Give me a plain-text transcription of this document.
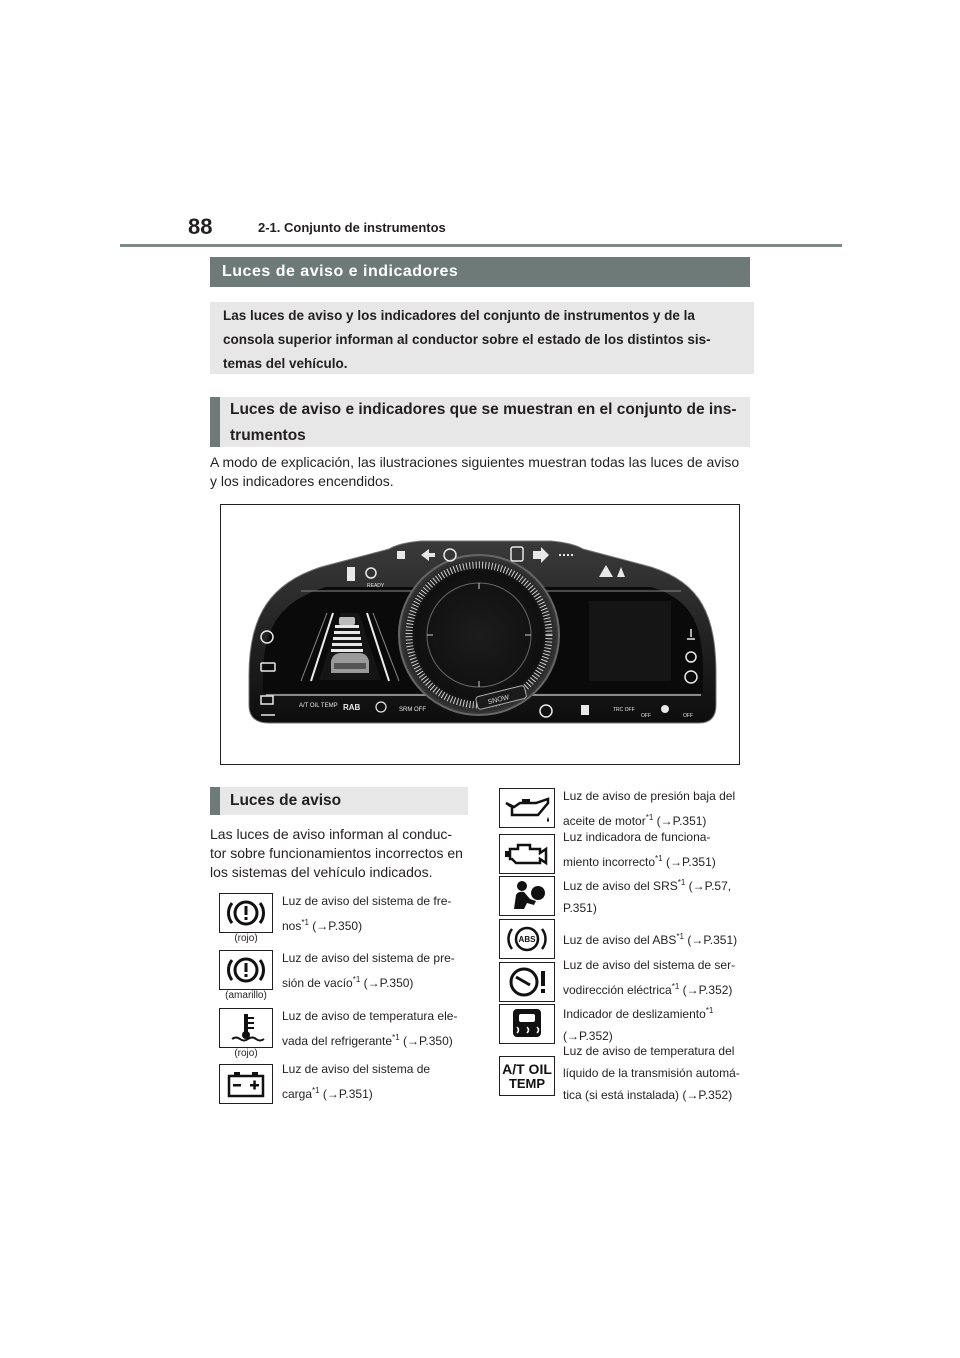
88	2-1. Conjunto de instrumentos
Luces de aviso e indicadores
Las luces de aviso y los indicadores del conjunto de instrumentos y de la consola superior informan al conductor sobre el estado de los distintos sis-temas del vehículo.
Luces de aviso e indicadores que se muestran en el conjunto de ins-trumentos
A modo de explicación, las ilustraciones siguientes muestran todas las luces de aviso y los indicadores encendidos.
SNOW
READY
A/T OIL TEMP RAB	SRM OFF	TRC OFF
OFF	OFF
Luces de aviso
Las luces de aviso informan al conduc-tor sobre funcionamientos incorrectos en los sistemas del vehículo indicados.
(rojo)
Luz de aviso del sistema de fre-
nos$^{*1}$ (→P.350)
(amarillo)
Luz de aviso del sistema de pre-
sión de vacío$^{*1}$ (→P.350)
(rojo)
Luz de aviso de temperatura ele-
vada del refrigerante$^{*1}$ (→P.350)
Luz de aviso del sistema de
carga$^{*1}$ (→P.351)
Luz de aviso de presión baja del
aceite de motor$^{*1}$ (→P.351)
Luz indicadora de funciona-
miento incorrecto$^{*1}$ (→P.351)
Luz de aviso del SRS$^{*1}$ (→P.57,
P.351)
ABS Luz de aviso del ABS$^{*1}$ (→P.351)
Luz de aviso del sistema de ser-
vodirección eléctrica$^{*1}$ (→P.352)
Indicador de deslizamiento$^{*1}$
(→P.352)
A/T OIL
TEMP
Luz de aviso de temperatura del
líquido de la transmisión automá-
tica (si está instalada) (→P.352)
